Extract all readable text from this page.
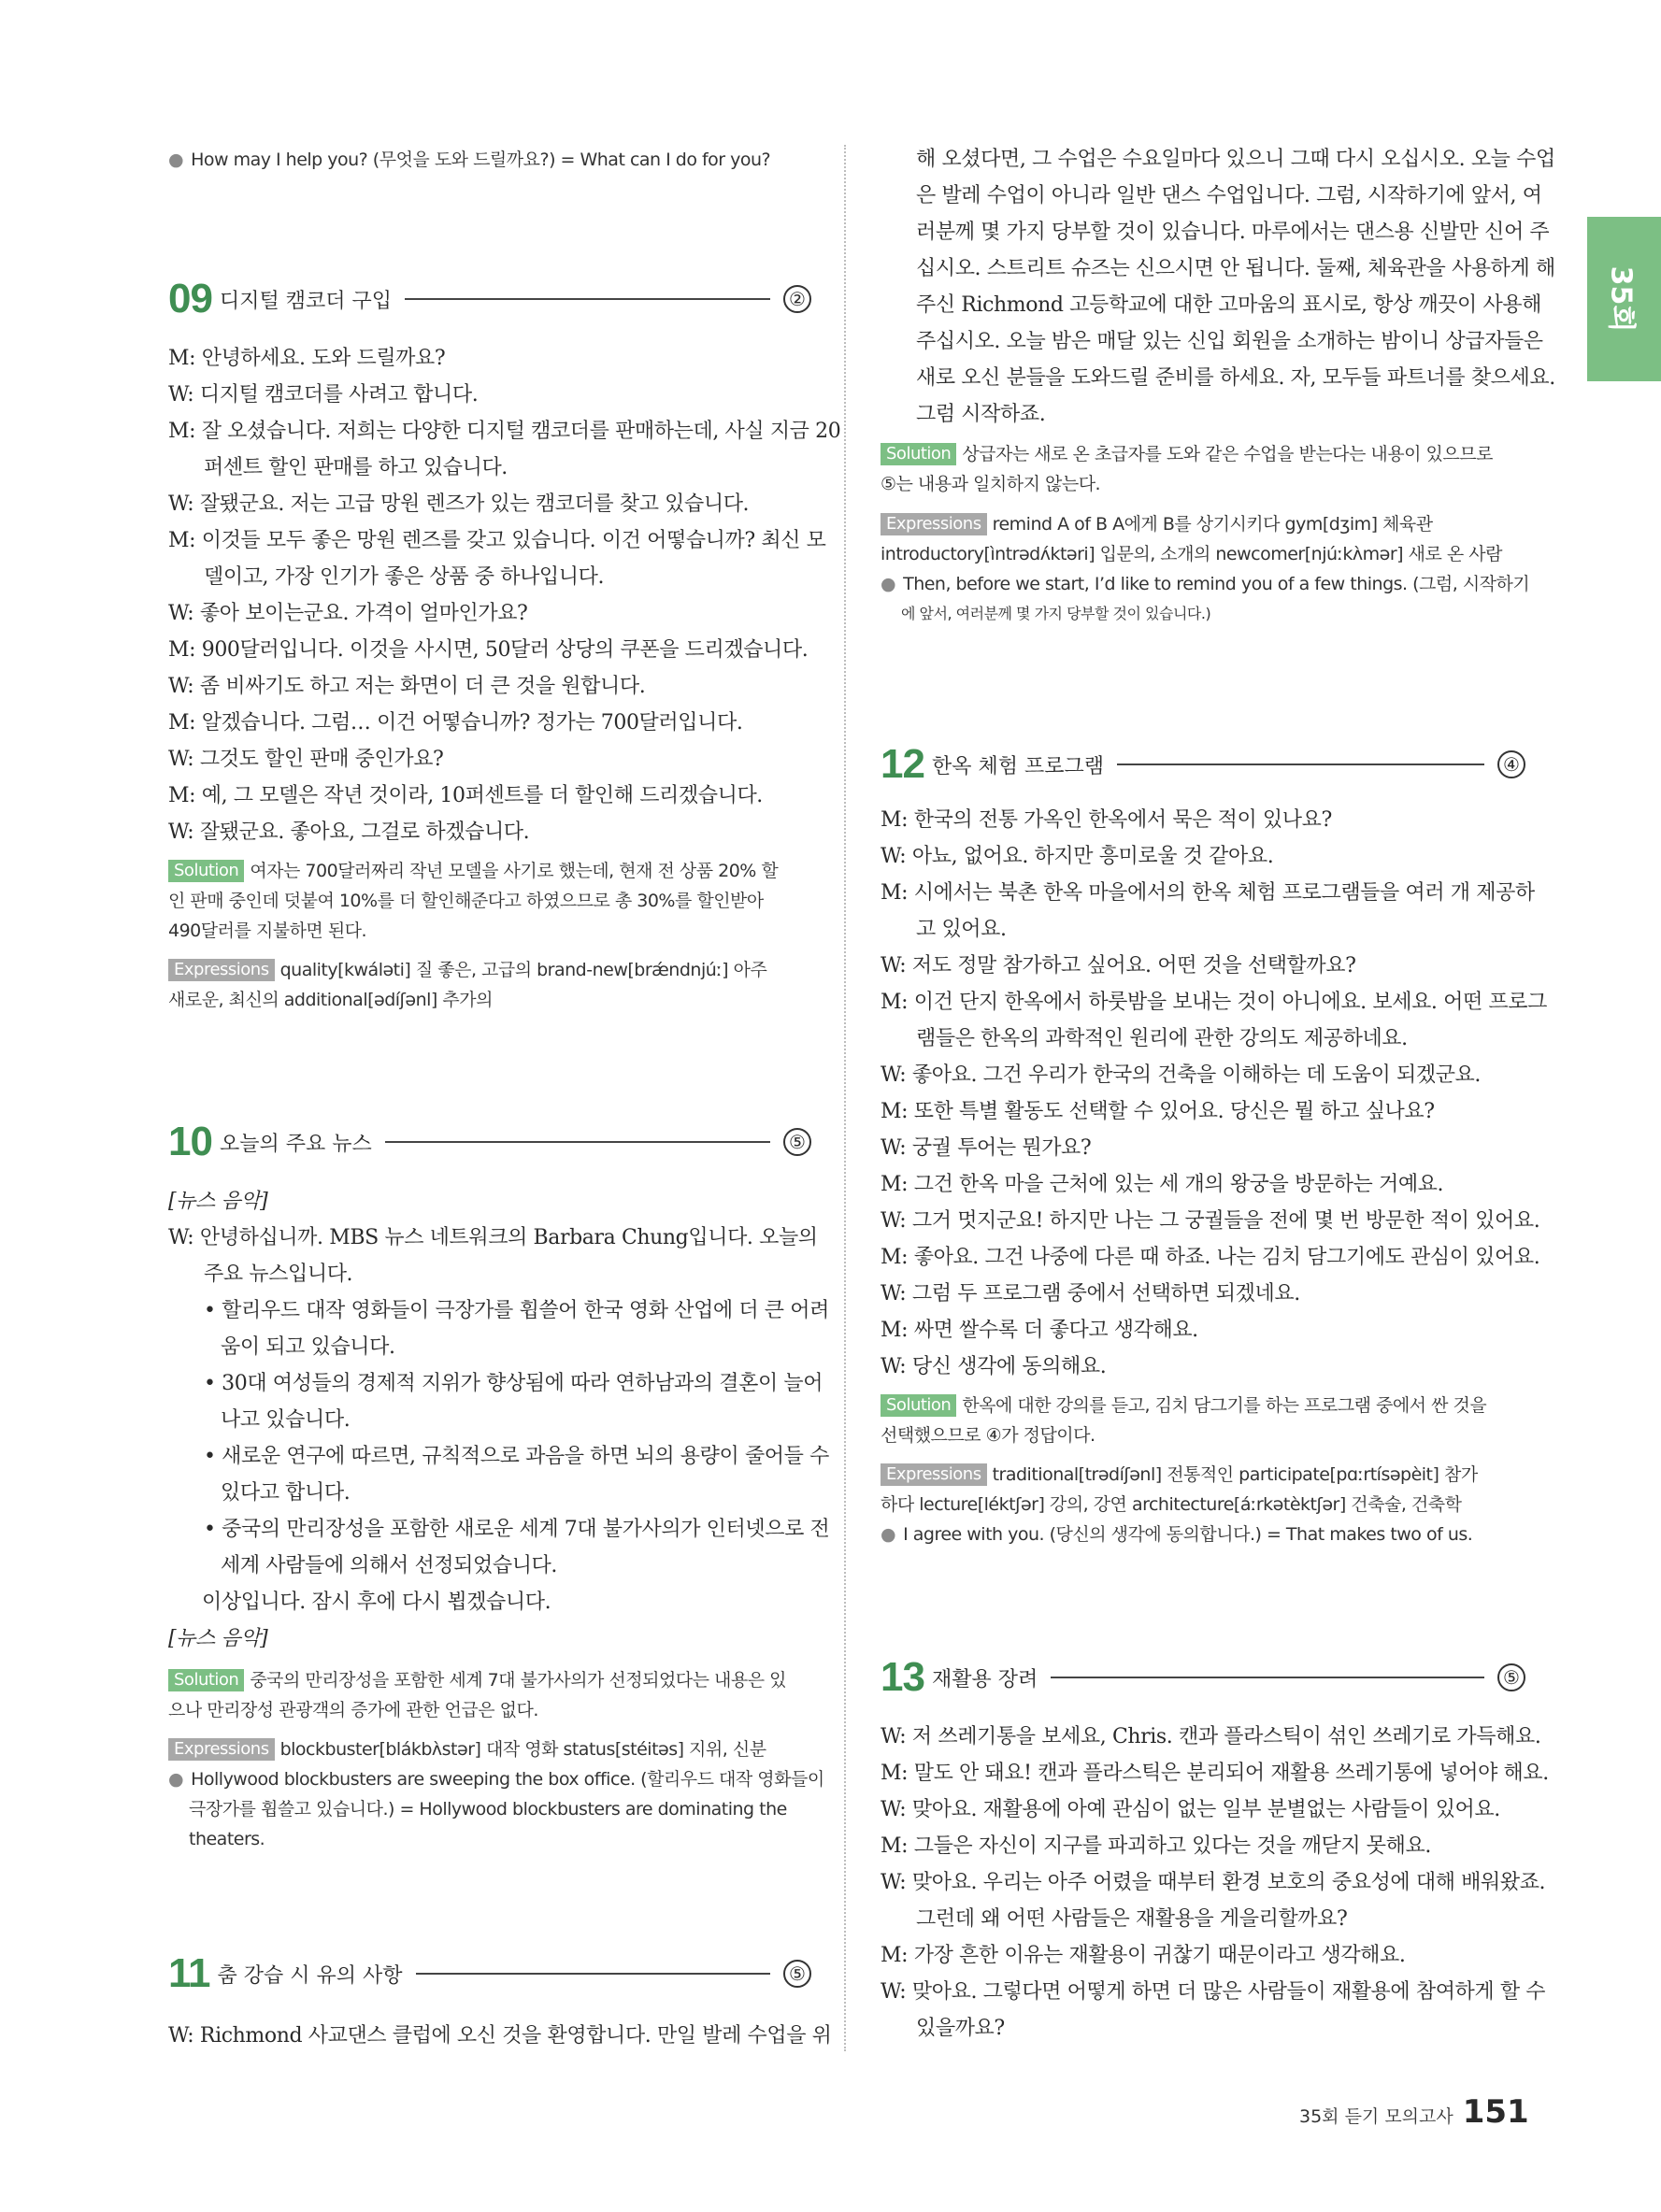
35회
● How may I help you? (무엇을 도와 드릴까요?) = What can I do for you?
09 디지털 캠코더 구입	②
M: 안녕하세요. 도와 드릴까요?
W: 디지털 캠코더를 사려고 합니다.
M: 잘 오셨습니다. 저희는 다양한 디지털 캠코더를 판매하는데, 사실 지금 20
퍼센트 할인 판매를 하고 있습니다.
W: 잘됐군요. 저는 고급 망원 렌즈가 있는 캠코더를 찾고 있습니다.
M: 이것들 모두 좋은 망원 렌즈를 갖고 있습니다. 이건 어떻습니까? 최신 모
델이고, 가장 인기가 좋은 상품 중 하나입니다.
W: 좋아 보이는군요. 가격이 얼마인가요?
M: 900달러입니다. 이것을 사시면, 50달러 상당의 쿠폰을 드리겠습니다.
W: 좀 비싸기도 하고 저는 화면이 더 큰 것을 원합니다.
M: 알겠습니다. 그럼… 이건 어떻습니까? 정가는 700달러입니다.
W: 그것도 할인 판매 중인가요?
M: 예, 그 모델은 작년 것이라, 10퍼센트를 더 할인해 드리겠습니다.
W: 잘됐군요. 좋아요, 그걸로 하겠습니다.
Solution 여자는 700달러짜리 작년 모델을 사기로 했는데, 현재 전 상품 20% 할
인 판매 중인데 덧붙여 10%를 더 할인해준다고 하였으므로 총 30%를 할인받아
490달러를 지불하면 된다.
Expressions quality[kwáləti] 질 좋은, 고급의 brand-new[brǽndnjúː] 아주
새로운, 최신의 additional[ədíʃənl] 추가의
10 오늘의 주요 뉴스	⑤
[뉴스 음악]
W: 안녕하십니까. MBS 뉴스 네트워크의 Barbara Chung입니다. 오늘의
주요 뉴스입니다.
• 할리우드 대작 영화들이 극장가를 휩쓸어 한국 영화 산업에 더 큰 어려
움이 되고 있습니다.
• 30대 여성들의 경제적 지위가 향상됨에 따라 연하남과의 결혼이 늘어
나고 있습니다.
• 새로운 연구에 따르면, 규칙적으로 과음을 하면 뇌의 용량이 줄어들 수
있다고 합니다.
• 중국의 만리장성을 포함한 새로운 세계 7대 불가사의가 인터넷으로 전
세계 사람들에 의해서 선정되었습니다.
이상입니다. 잠시 후에 다시 뵙겠습니다.
[뉴스 음악]
Solution 중국의 만리장성을 포함한 세계 7대 불가사의가 선정되었다는 내용은 있
으나 만리장성 관광객의 증가에 관한 언급은 없다.
Expressions blockbuster[blákbʌ̀stər] 대작 영화 status[stéitəs] 지위, 신분
● Hollywood blockbusters are sweeping the box office. (할리우드 대작 영화들이
극장가를 휩쓸고 있습니다.) = Hollywood blockbusters are dominating the
theaters.
11 춤 강습 시 유의 사항	⑤
W: Richmond 사교댄스 클럽에 오신 것을 환영합니다. 만일 발레 수업을 위
해 오셨다면, 그 수업은 수요일마다 있으니 그때 다시 오십시오. 오늘 수업
은 발레 수업이 아니라 일반 댄스 수업입니다. 그럼, 시작하기에 앞서, 여
러분께 몇 가지 당부할 것이 있습니다. 마루에서는 댄스용 신발만 신어 주
십시오. 스트리트 슈즈는 신으시면 안 됩니다. 둘째, 체육관을 사용하게 해
주신 Richmond 고등학교에 대한 고마움의 표시로, 항상 깨끗이 사용해
주십시오. 오늘 밤은 매달 있는 신입 회원을 소개하는 밤이니 상급자들은
새로 오신 분들을 도와드릴 준비를 하세요. 자, 모두들 파트너를 찾으세요.
그럼 시작하죠.
Solution 상급자는 새로 온 초급자를 도와 같은 수업을 받는다는 내용이 있으므로
⑤는 내용과 일치하지 않는다.
Expressions remind A of B A에게 B를 상기시키다 gym[dʒim] 체육관
introductory[ìntrədʌ́ktəri] 입문의, 소개의 newcomer[njúːkʌ̀mər] 새로 온 사람
● Then, before we start, I’d like to remind you of a few things. (그럼, 시작하기
에 앞서, 여러분께 몇 가지 당부할 것이 있습니다.)
12 한옥 체험 프로그램	④
M: 한국의 전통 가옥인 한옥에서 묵은 적이 있나요?
W: 아뇨, 없어요. 하지만 흥미로울 것 같아요.
M: 시에서는 북촌 한옥 마을에서의 한옥 체험 프로그램들을 여러 개 제공하
고 있어요.
W: 저도 정말 참가하고 싶어요. 어떤 것을 선택할까요?
M: 이건 단지 한옥에서 하룻밤을 보내는 것이 아니에요. 보세요. 어떤 프로그
램들은 한옥의 과학적인 원리에 관한 강의도 제공하네요.
W: 좋아요. 그건 우리가 한국의 건축을 이해하는 데 도움이 되겠군요.
M: 또한 특별 활동도 선택할 수 있어요. 당신은 뭘 하고 싶나요?
W: 궁궐 투어는 뭔가요?
M: 그건 한옥 마을 근처에 있는 세 개의 왕궁을 방문하는 거예요.
W: 그거 멋지군요! 하지만 나는 그 궁궐들을 전에 몇 번 방문한 적이 있어요.
M: 좋아요. 그건 나중에 다른 때 하죠. 나는 김치 담그기에도 관심이 있어요.
W: 그럼 두 프로그램 중에서 선택하면 되겠네요.
M: 싸면 쌀수록 더 좋다고 생각해요.
W: 당신 생각에 동의해요.
Solution 한옥에 대한 강의를 듣고, 김치 담그기를 하는 프로그램 중에서 싼 것을
선택했으므로 ④가 정답이다.
Expressions traditional[trədíʃənl] 전통적인 participate[pɑːrtísəpèit] 참가
하다 lecture[léktʃər] 강의, 강연 architecture[áːrkətèktʃər] 건축술, 건축학
● I agree with you. (당신의 생각에 동의합니다.) = That makes two of us.
13 재활용 장려	⑤
W: 저 쓰레기통을 보세요, Chris. 캔과 플라스틱이 섞인 쓰레기로 가득해요.
M: 말도 안 돼요! 캔과 플라스틱은 분리되어 재활용 쓰레기통에 넣어야 해요.
W: 맞아요. 재활용에 아예 관심이 없는 일부 분별없는 사람들이 있어요.
M: 그들은 자신이 지구를 파괴하고 있다는 것을 깨닫지 못해요.
W: 맞아요. 우리는 아주 어렸을 때부터 환경 보호의 중요성에 대해 배워왔죠.
그런데 왜 어떤 사람들은 재활용을 게을리할까요?
M: 가장 흔한 이유는 재활용이 귀찮기 때문이라고 생각해요.
W: 맞아요. 그렇다면 어떻게 하면 더 많은 사람들이 재활용에 참여하게 할 수
있을까요?
35회 듣기 모의고사 151
